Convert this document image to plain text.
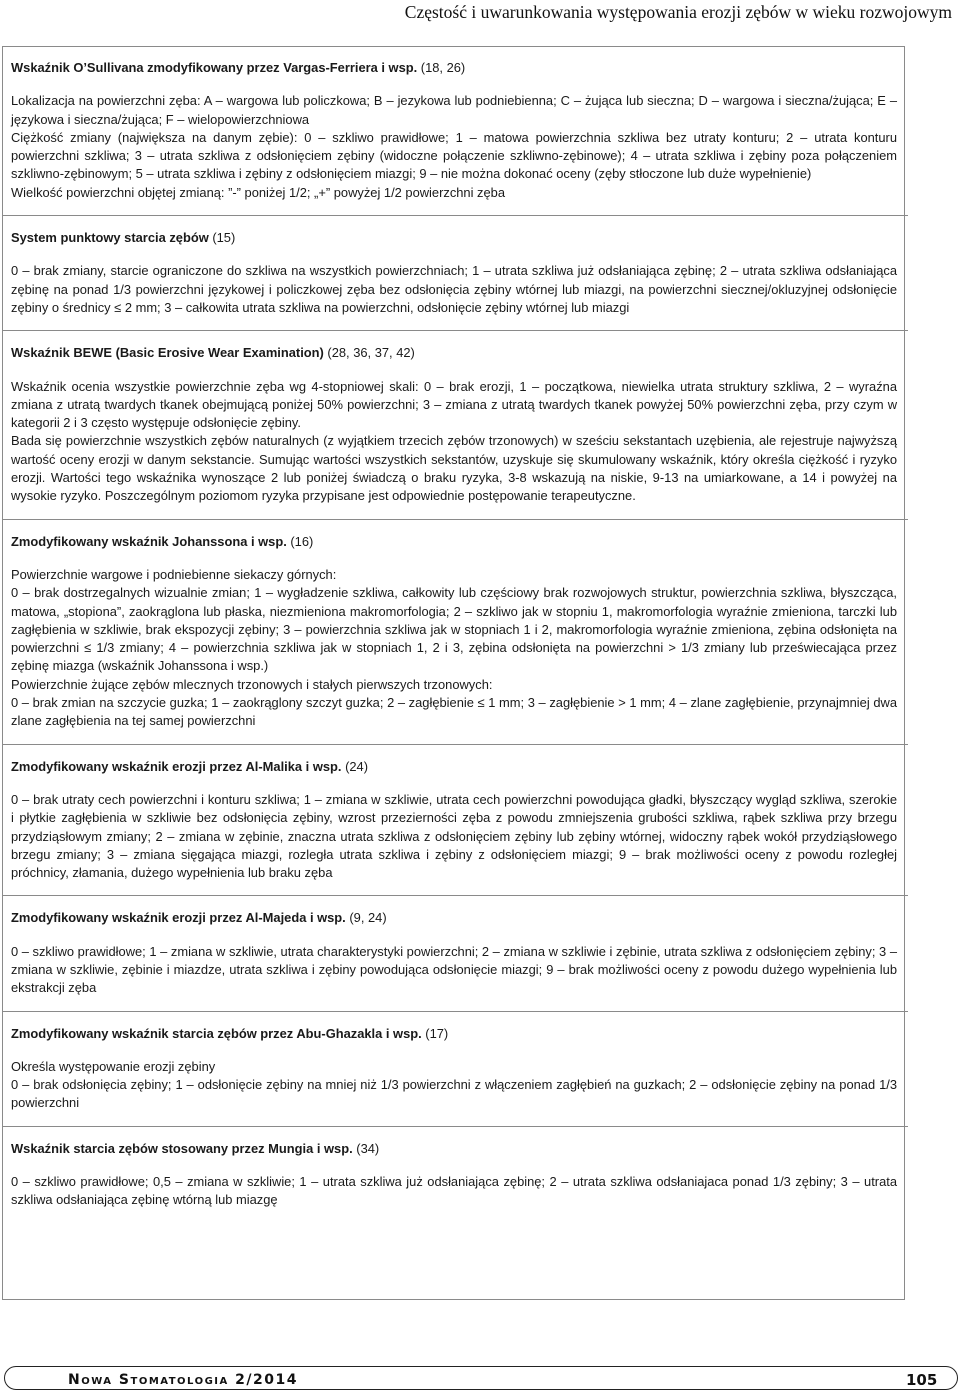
Częstość i uwarunkowania występowania erozji zębów w wieku rozwojowym

Wskaźnik O’Sullivana zmodyfikowany przez Vargas-Ferriera i wsp. (18, 26)

Lokalizacja na powierzchni zęba: A – wargowa lub policzkowa; B – jezykowa lub podniebienna; C – żująca lub sieczna; D – wargowa i sieczna/żująca; E – językowa i sieczna/żująca; F – wielopowierzchniowa

Ciężkość zmiany (największa na danym zębie): 0 – szkliwo prawidłowe; 1 – matowa powierzchnia szkliwa bez utraty konturu; 2 – utrata konturu powierzchni szkliwa; 3 – utrata szkliwa z odsłonięciem zębiny (widoczne połączenie szkliwno-zębinowe); 4 – utrata szkliwa i zębiny poza połączeniem szkliwno-zębinowym; 5 – utrata szkliwa i zębiny z odsłonięciem miazgi; 9 – nie można dokonać oceny (zęby stłoczone lub duże wypełnienie)

Wielkość powierzchni objętej zmianą: ”-” poniżej 1/2; „+” powyżej 1/2 powierzchni zęba

System punktowy starcia zębów (15)

0 – brak zmiany, starcie ograniczone do szkliwa na wszystkich powierzchniach; 1 – utrata szkliwa już odsłaniająca zębinę; 2 – utrata szkliwa odsłaniająca zębinę na ponad 1/3 powierzchni językowej i policzkowej zęba bez odsłonięcia zębiny wtórnej lub miazgi, na powierzchni siecznej/okluzyjnej odsłonięcie zębiny o średnicy ≤ 2 mm; 3 – całkowita utrata szkliwa na powierzchni, odsłonięcie zębiny wtórnej lub miazgi

Wskaźnik BEWE (Basic Erosive Wear Examination) (28, 36, 37, 42)

Wskaźnik ocenia wszystkie powierzchnie zęba wg 4-stopniowej skali: 0 – brak erozji, 1 – początkowa, niewielka utrata struktury szkliwa, 2 – wyraźna zmiana z utratą twardych tkanek obejmującą poniżej 50% powierzchni; 3 – zmiana z utratą twardych tkanek powyżej 50% powierzchni zęba, przy czym w kategorii 2 i 3 często występuje odsłonięcie zębiny.

Bada się powierzchnie wszystkich zębów naturalnych (z wyjątkiem trzecich zębów trzonowych) w sześciu sekstantach uzębienia, ale rejestruje najwyższą wartość oceny erozji w danym sekstancie. Sumując wartości wszystkich sekstantów, uzyskuje się skumulowany wskaźnik, który określa ciężkość i ryzyko erozji. Wartości tego wskaźnika wynoszące 2 lub poniżej świadczą o braku ryzyka, 3-8 wskazują na niskie, 9-13 na umiarkowane, a 14 i powyżej na wysokie ryzyko. Poszczególnym poziomom ryzyka przypisane jest odpowiednie postępowanie terapeutyczne.

Zmodyfikowany wskaźnik Johanssona i wsp. (16)

Powierzchnie wargowe i podniebienne siekaczy górnych:

0 – brak dostrzegalnych wizualnie zmian; 1 – wygładzenie szkliwa, całkowity lub częściowy brak rozwojowych struktur, powierzchnia szkliwa, błyszcząca, matowa, „stopiona”, zaokrąglona lub płaska, niezmieniona makromorfologia; 2 – szkliwo jak w stopniu 1, makromorfologia wyraźnie zmieniona, tarczki lub zagłębienia w szkliwie, brak ekspozycji zębiny; 3 – powierzchnia szkliwa jak w stopniach 1 i 2, makromorfologia wyraźnie zmieniona, zębina odsłonięta na powierzchni ≤ 1/3 zmiany; 4 – powierzchnia szkliwa jak w stopniach 1, 2 i 3, zębina odsłonięta na powierzchni > 1/3 zmiany lub przeświecająca przez zębinę miazga (wskaźnik Johanssona i wsp.)

Powierzchnie żujące zębów mlecznych trzonowych i stałych pierwszych trzonowych:

0 – brak zmian na szczycie guzka; 1 – zaokrąglony szczyt guzka; 2 – zagłębienie ≤ 1 mm; 3 – zagłębienie > 1 mm; 4 – zlane zagłębienie, przynajmniej dwa zlane zagłębienia na tej samej powierzchni

Zmodyfikowany wskaźnik erozji przez Al-Malika i wsp. (24)

0 – brak utraty cech powierzchni i konturu szkliwa; 1 – zmiana w szkliwie, utrata cech powierzchni powodująca gładki, błyszczący wygląd szkliwa, szerokie i płytkie zagłębienia w szkliwie bez odsłonięcia zębiny, wzrost przezierności zęba z powodu zmniejszenia grubości szkliwa, rąbek szkliwa przy brzegu przydziąsłowym zmiany; 2 – zmiana w zębinie, znaczna utrata szkliwa z odsłonięciem zębiny lub zębiny wtórnej, widoczny rąbek wokół przydziąsłowego brzegu zmiany; 3 – zmiana sięgająca miazgi, rozległa utrata szkliwa i zębiny z odsłonięciem miazgi; 9 – brak możliwości oceny z powodu rozległej próchnicy, złamania, dużego wypełnienia lub braku zęba

Zmodyfikowany wskaźnik erozji przez Al-Majeda i wsp. (9, 24)

0 – szkliwo prawidłowe; 1 – zmiana w szkliwie, utrata charakterystyki powierzchni; 2 – zmiana w szkliwie i zębinie, utrata szkliwa z odsłonięciem zębiny; 3 – zmiana w szkliwie, zębinie i miazdze, utrata szkliwa i zębiny powodująca odsłonięcie miazgi; 9 – brak możliwości oceny z powodu dużego wypełnienia lub ekstrakcji zęba

Zmodyfikowany wskaźnik starcia zębów przez Abu-Ghazakla i wsp. (17)

Określa występowanie erozji zębiny

0 – brak odsłonięcia zębiny; 1 – odsłonięcie zębiny na mniej niż 1/3 powierzchni z włączeniem zagłębień na guzkach; 2 – odsłonięcie zębiny na ponad 1/3 powierzchni

Wskaźnik starcia zębów stosowany przez Mungia i wsp. (34)

0 – szkliwo prawidłowe; 0,5 – zmiana w szkliwie; 1 – utrata szkliwa już odsłaniająca zębinę; 2 – utrata szkliwa odsłaniajaca ponad 1/3 zębiny; 3 – utrata szkliwa odsłaniająca zębinę wtórną lub miazgę

Nowa Stomatologia 2/2014	105
